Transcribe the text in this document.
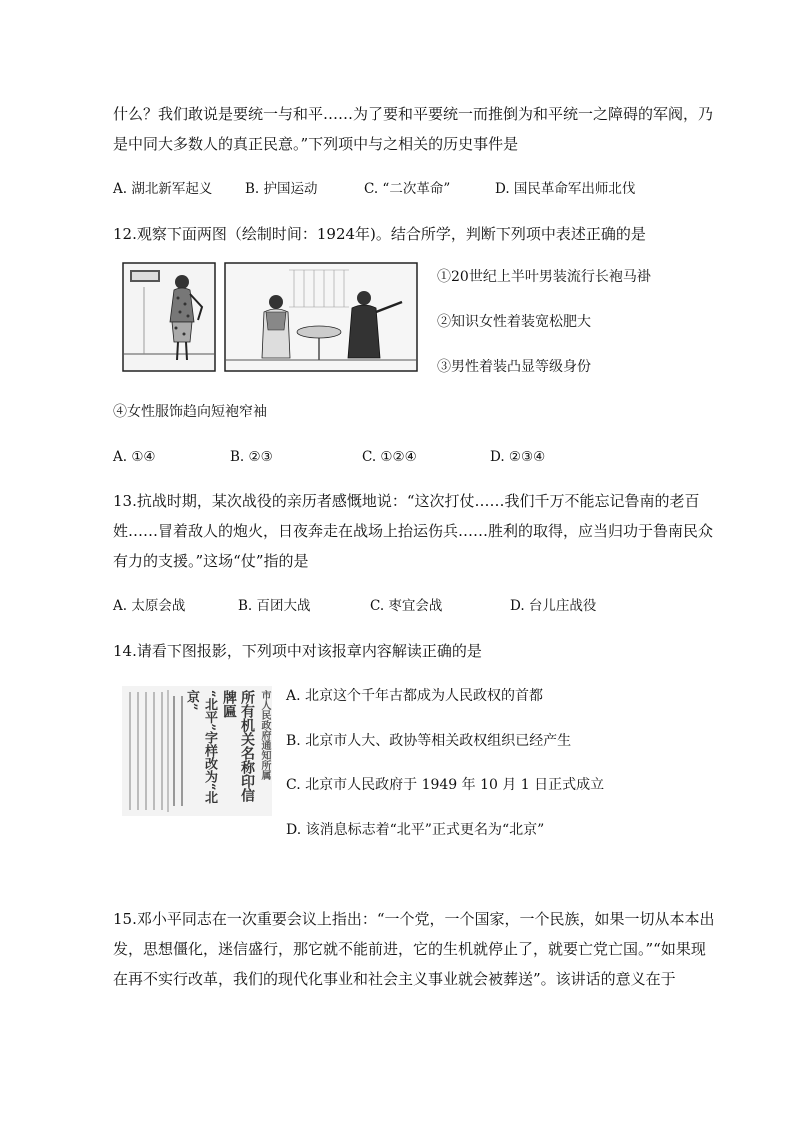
什么？我们敢说是要统一与和平……为了要和平要统一而推倒为和平统一之障碍的军阀，乃
是中同大多数人的真正民意。”下列项中与之相关的历史事件是
A. 湖北新军起义 B. 护国运动	C. “二次革命”	D. 国民革命军出师北伐
12.观察下面两图（绘制时间：1924年)。结合所学，判断下列项中表述正确的是
①20世纪上半叶男装流行长袍马褂
②知识女性着装宽松肥大
③男性着装凸显等级身份
④女性服饰趋向短袍窄袖
A. ①④	B. ②③	C. ①②④	D. ②③④
13.抗战时期，某次战役的亲历者感慨地说：“这次打仗……我们千万不能忘记鲁南的老百
姓……冒着敌人的炮火，日夜奔走在战场上抬运伤兵……胜利的取得，应当归功于鲁南民众
有力的支援。”这场“仗”指的是
A. 太原会战	B. 百团大战	C. 枣宜会战	D. 台儿庄战役
14.请看下图报影，下列项中对该报章内容解读正确的是
市人民政府通知所属
所有机关名称印信牌匾
“北平”字样改为“北京”	A. 北京这个千年古都成为人民政权的首都
B. 北京市人大、政协等相关政权组织已经产生
C. 北京市人民政府于 1949 年 10 月 1 日正式成立
D. 该消息标志着“北平”正式更名为“北京”
15.邓小平同志在一次重要会议上指出：“一个党，一个国家，一个民族，如果一切从本本出
发，思想僵化，迷信盛行，那它就不能前进，它的生机就停止了，就要亡党亡国。”“如果现
在再不实行改革，我们的现代化事业和社会主义事业就会被葬送”。该讲话的意义在于
